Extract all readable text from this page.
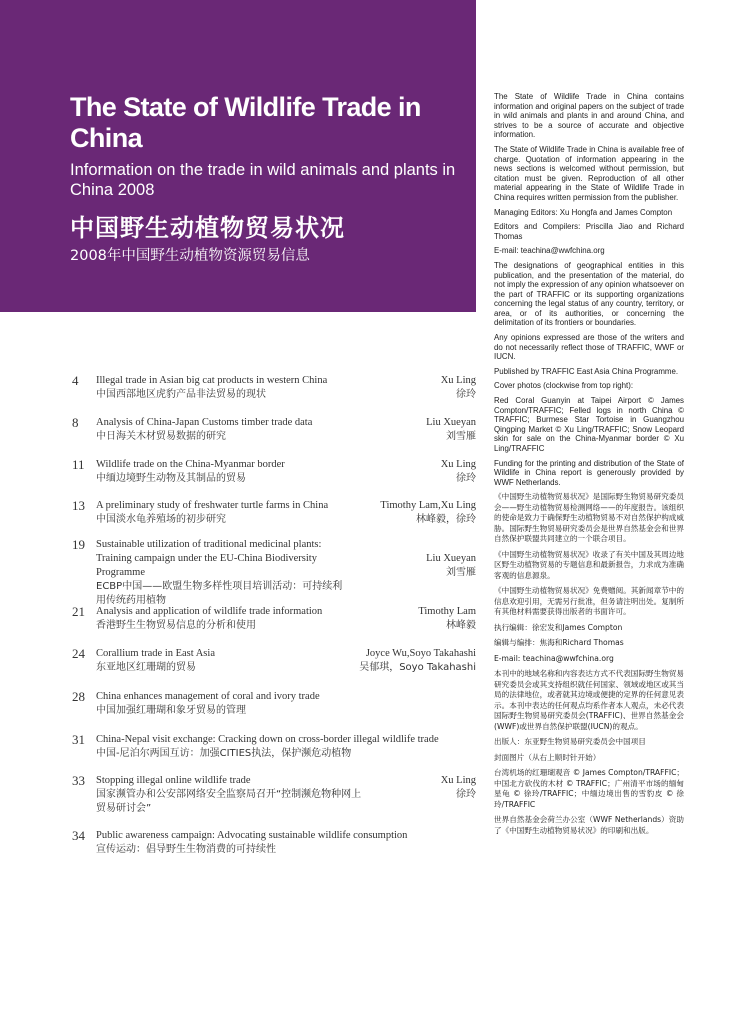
The State of Wildlife Trade in China
Information on the trade in wild animals and plants in China 2008
中国野生动植物贸易状况
2008年中国野生动植物资源贸易信息
4 Illegal trade in Asian big cat products in western China
中国西部地区虎豹产品非法贸易的现状
Xu Ling
徐玲
8 Analysis of China-Japan Customs timber trade data
中日海关木材贸易数据的研究
Liu Xueyan
刘雪雁
11 Wildlife trade on the China-Myanmar border
中缅边境野生动物及其制品的贸易
Xu Ling
徐玲
13 A preliminary study of freshwater turtle farms in China
中国淡水龟养殖场的初步研究
Timothy Lam,Xu Ling
林峰毅，徐玲
19 Sustainable utilization of traditional medicinal plants: Training campaign under the EU-China Biodiversity Programme
ECBP中国——欧盟生物多样性项目培训活动：可持续利用传统药用植物
Liu Xueyan
刘雪雁
21 Analysis and application of wildlife trade information
香港野生生物贸易信息的分析和使用
Timothy Lam
林峰毅
24 Corallium trade in East Asia
东亚地区红珊瑚的贸易
Joyce Wu,Soyo Takahashi
吴郁琪，Soyo Takahashi
28 China enhances management of coral and ivory trade
中国加强红珊瑚和象牙贸易的管理
31 China-Nepal visit exchange: Cracking down on cross-border illegal wildlife trade
中国-尼泊尔两国互访：加强CITIES执法，保护濒危动植物
33 Stopping illegal online wildlife trade
国家濒管办和公安部网络安全监察局召开“控制濒危物种网上贸易研讨会”
Xu Ling
徐玲
34 Public awareness campaign: Advocating sustainable wildlife consumption
宣传运动：倡导野生生物消费的可持续性

The State of Wildlife Trade in China contains information and original papers on the subject of trade in wild animals and plants in and around China, and strives to be a source of accurate and objective information.

The State of Wildlife Trade in China is available free of charge. Quotation of information appearing in the news sections is welcomed without permission, but citation must be given. Reproduction of all other material appearing in the State of Wildlife Trade in China requires written permission from the publisher.

Managing Editors: Xu Hongfa and James Compton

Editors and Compilers: Priscilla Jiao and Richard Thomas

E-mail: teachina@wwfchina.org

The designations of geographical entities in this publication, and the presentation of the material, do not imply the expression of any opinion whatsoever on the part of TRAFFIC or its supporting organizations concerning the legal status of any country, territory, or area, or of its authorities, or concerning the delimitation of its frontiers or boundaries.

Any opinions expressed are those of the writers and do not necessarily reflect those of TRAFFIC, WWF or IUCN.

Published by TRAFFIC East Asia China Programme.

Cover photos (clockwise from top right):

Red Coral Guanyin at Taipei Airport © James Compton/TRAFFIC; Felled logs in north China © TRAFFIC; Burmese Star Tortoise in Guangzhou Qingping Market © Xu Ling/TRAFFIC; Snow Leopard skin for sale on the China-Myanmar border © Xu Ling/TRAFFIC

Funding for the printing and distribution of the State of Wildlife in China report is generously provided by WWF Netherlands.

《中国野生动植物贸易状况》是国际野生物贸易研究委员会——野生动植物贸易检测网络——的年度报告。该组织的使命是致力于确保野生动植物贸易不对自然保护构成威胁。国际野生物贸易研究委员会是世界自然基金会和世界自然保护联盟共同建立的一个联合项目。

《中国野生动植物贸易状况》收录了有关中国及其周边地区野生动植物贸易的专题信息和最新报告，力求成为准确客观的信息源泉。

《中国野生动植物贸易状况》免费赠阅。其新闻章节中的信息欢迎引用，无需另行批准，但务请注明出处。复制所有其他材料需要获得出版者的书面许可。

执行编辑：徐宏发和James Compton

编辑与编排：焦海和Richard Thomas

E-mail: teachina@wwfchina.org

本刊中的地域名称和内容表达方式不代表国际野生物贸易研究委员会或其支持组织就任何国家、领域或地区或其当局的法律地位，或者就其边境或便捷的定界的任何意见表示。本刊中表达的任何观点均系作者本人观点，未必代表国际野生物贸易研究委员会(TRAFFIC)、世界自然基金会(WWF)或世界自然保护联盟(IUCN)的观点。

出版人：东亚野生物贸易研究委员会中国项目

封面图片（从右上顺时针开始）

台湾机场的红珊瑚观音 © James Compton/TRAFFIC；中国北方砍伐的木材 © TRAFFIC；广州清平市场的缅甸星龟 © 徐玲/TRAFFIC；中缅边境出售的雪豹皮 © 徐玲/TRAFFIC

世界自然基金会荷兰办公室（WWF Netherlands）资助了《中国野生动植物贸易状况》的印刷和出版。
